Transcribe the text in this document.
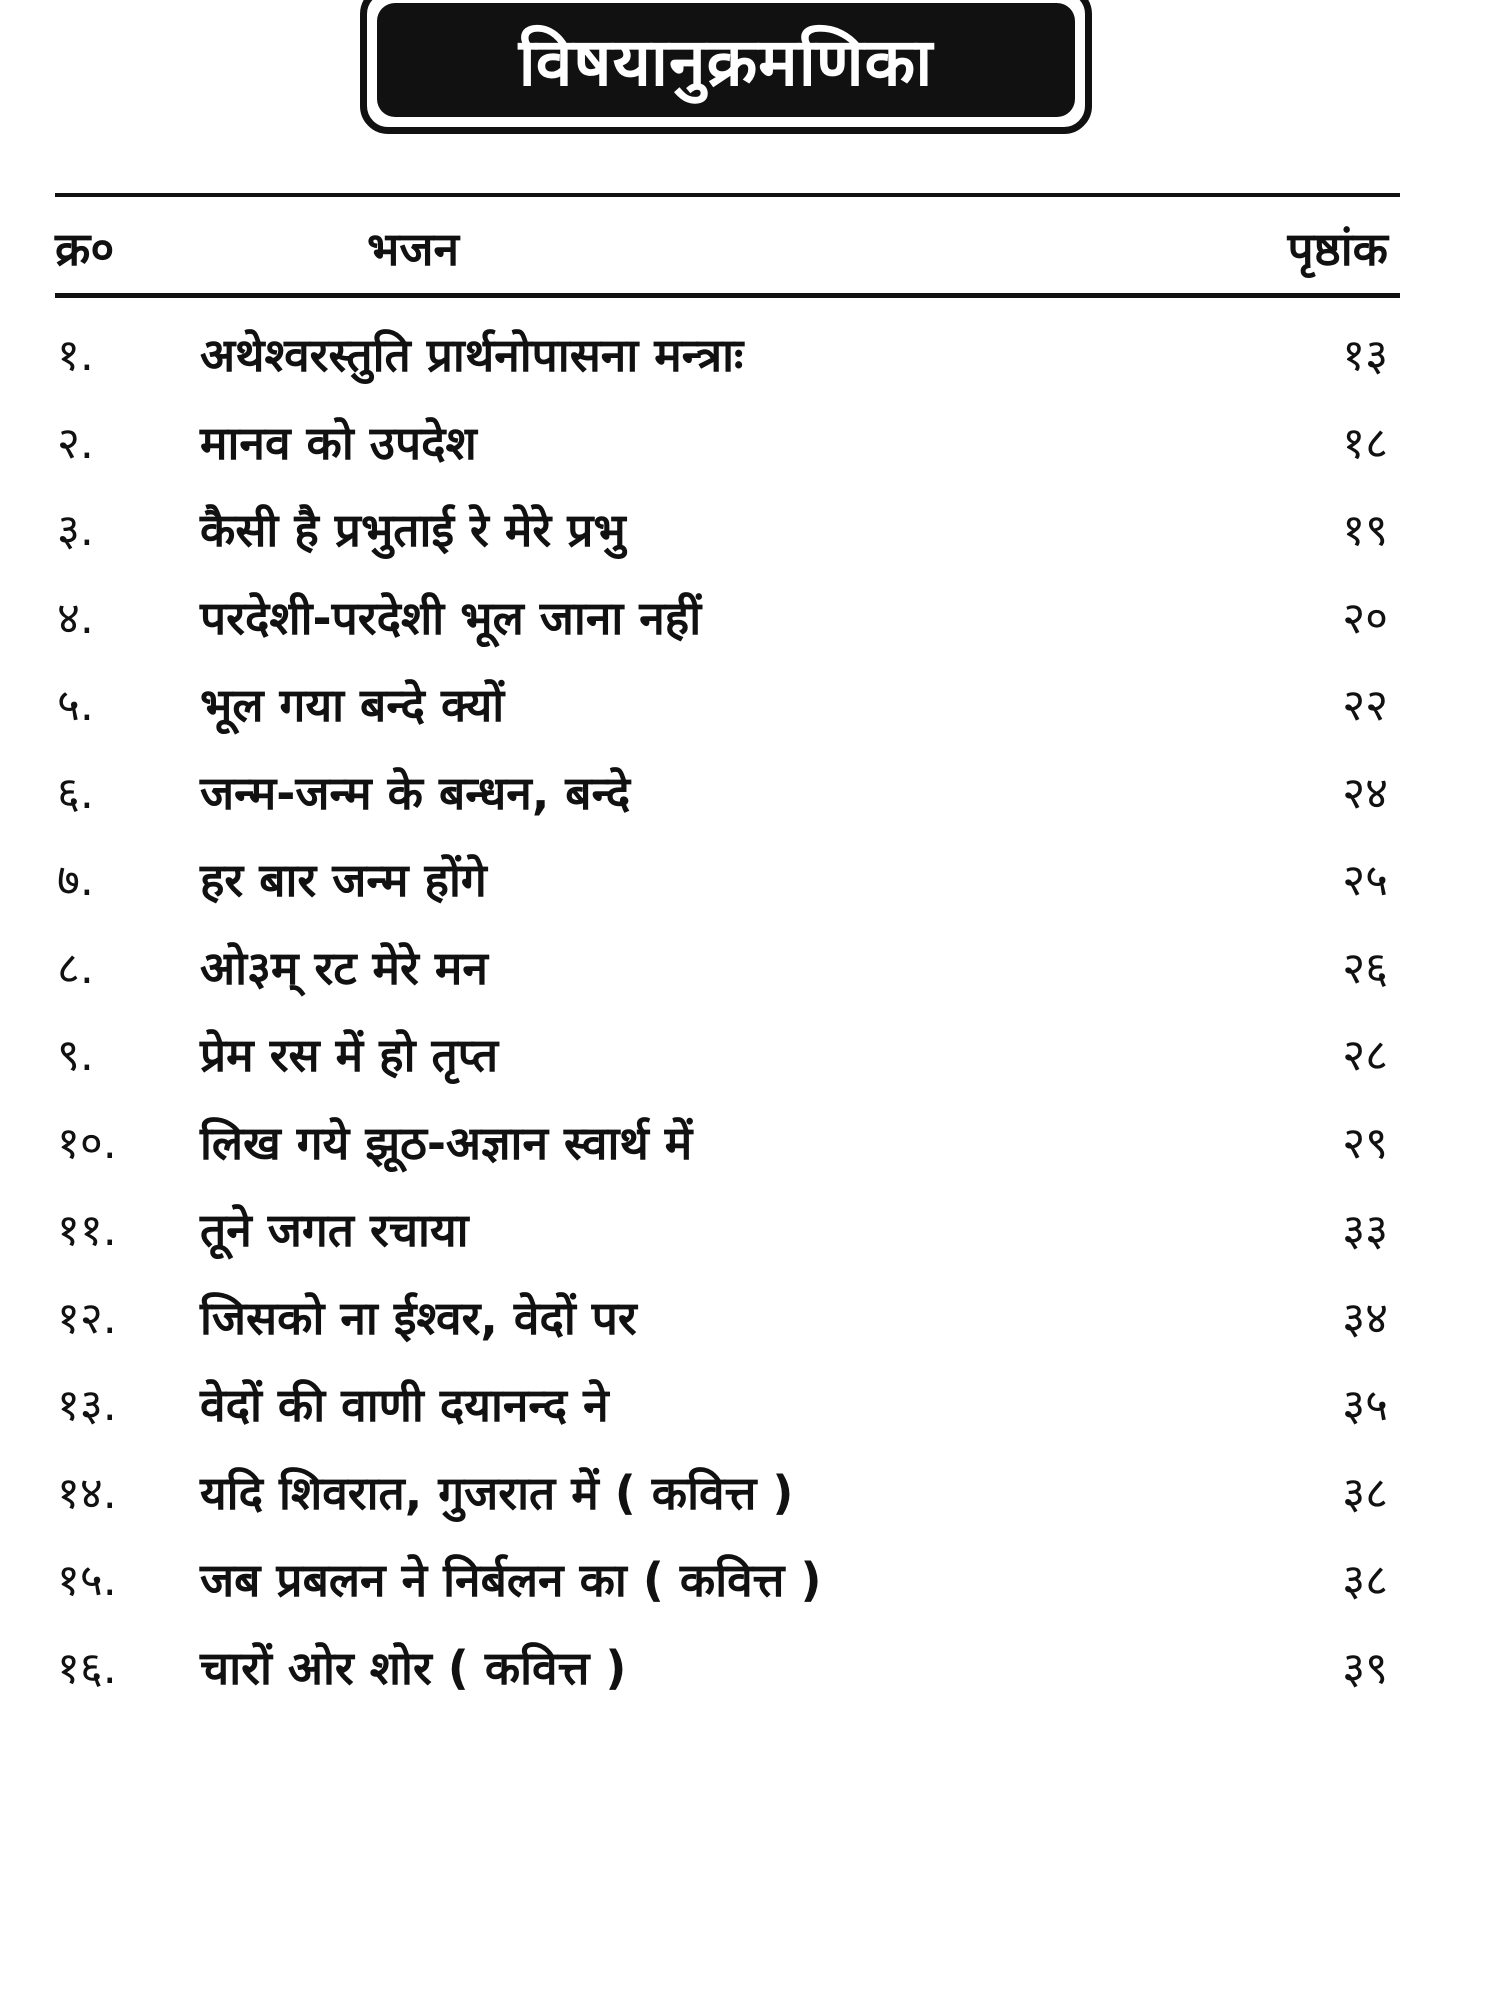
विषयानुक्रमणिका
क्र०	भजन	पृष्ठांक
१. अथेश्वरस्तुति प्रार्थनोपासना मन्त्राः	१३
२. मानव को उपदेश	१८
३. कैसी है प्रभुताई रे मेरे प्रभु	१९
४. परदेशी-परदेशी भूल जाना नहीं	२०
५. भूल गया बन्दे क्यों	२२
६. जन्म-जन्म के बन्धन, बन्दे	२४
७. हर बार जन्म होंगे	२५
८. ओ३म् रट मेरे मन	२६
९. प्रेम रस में हो तृप्त	२८
१०. लिख गये झूठ-अज्ञान स्वार्थ में	२९
११. तूने जगत रचाया	३३
१२. जिसको ना ईश्वर, वेदों पर	३४
१३. वेदों की वाणी दयानन्द ने	३५
१४. यदि शिवरात, गुजरात में ( कवित्त )	३८
१५. जब प्रबलन ने निर्बलन का ( कवित्त )	३८
१६. चारों ओर शोर ( कवित्त )	३९
